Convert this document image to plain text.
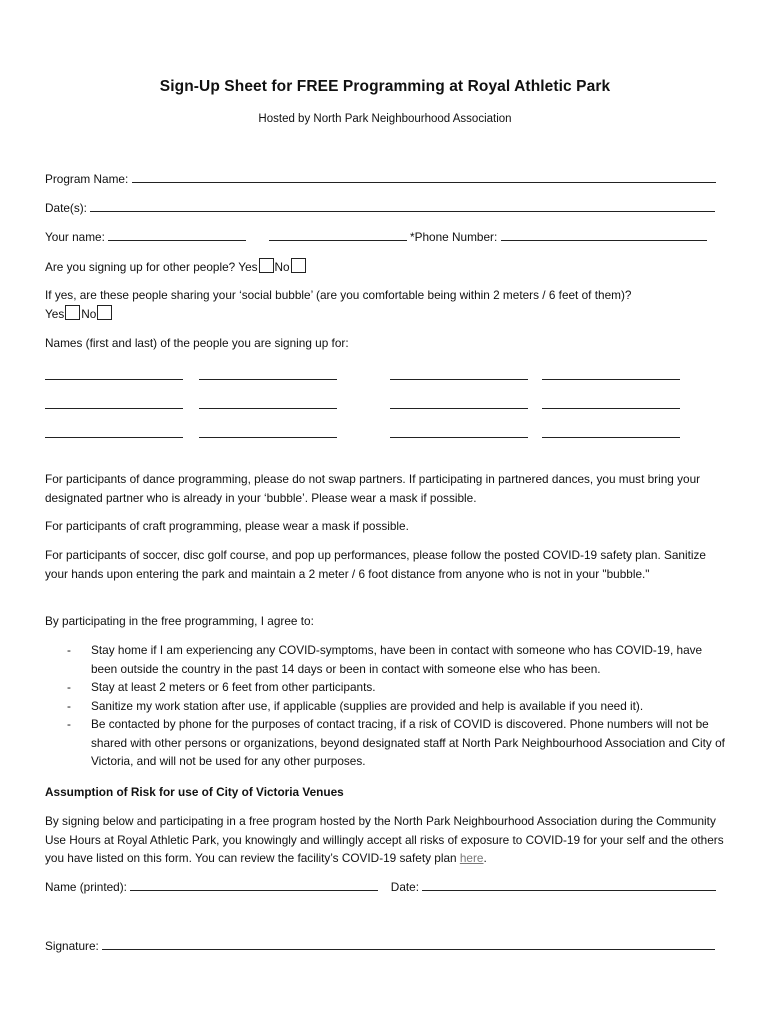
Sign-Up Sheet for FREE Programming at Royal Athletic Park
Hosted by North Park Neighbourhood Association
Program Name:
Date(s):
Your name:	*Phone Number:
Are you signing up for other people? Yes No
If yes, are these people sharing your ‘social bubble’ (are you comfortable being within 2 meters / 6 feet of them)?
Yes No
Names (first and last) of the people you are signing up for:
For participants of dance programming, please do not swap partners. If participating in partnered dances, you must bring your designated partner who is already in your ‘bubble’. Please wear a mask if possible.
For participants of craft programming, please wear a mask if possible.
For participants of soccer, disc golf course, and pop up performances, please follow the posted COVID-19 safety plan. Sanitize your hands upon entering the park and maintain a 2 meter / 6 foot distance from anyone who is not in your "bubble."
By participating in the free programming, I agree to:
- Stay home if I am experiencing any COVID-symptoms, have been in contact with someone who has COVID-19, have been outside the country in the past 14 days or been in contact with someone else who has been.
- Stay at least 2 meters or 6 feet from other participants.
- Sanitize my work station after use, if applicable (supplies are provided and help is available if you need it).
- Be contacted by phone for the purposes of contact tracing, if a risk of COVID is discovered. Phone numbers will not be shared with other persons or organizations, beyond designated staff at North Park Neighbourhood Association and City of Victoria, and will not be used for any other purposes.
Assumption of Risk for use of City of Victoria Venues
By signing below and participating in a free program hosted by the North Park Neighbourhood Association during the Community Use Hours at Royal Athletic Park, you knowingly and willingly accept all risks of exposure to COVID-19 for your self and the others you have listed on this form. You can review the facility’s COVID-19 safety plan here.
Name (printed):	Date:
Signature:
